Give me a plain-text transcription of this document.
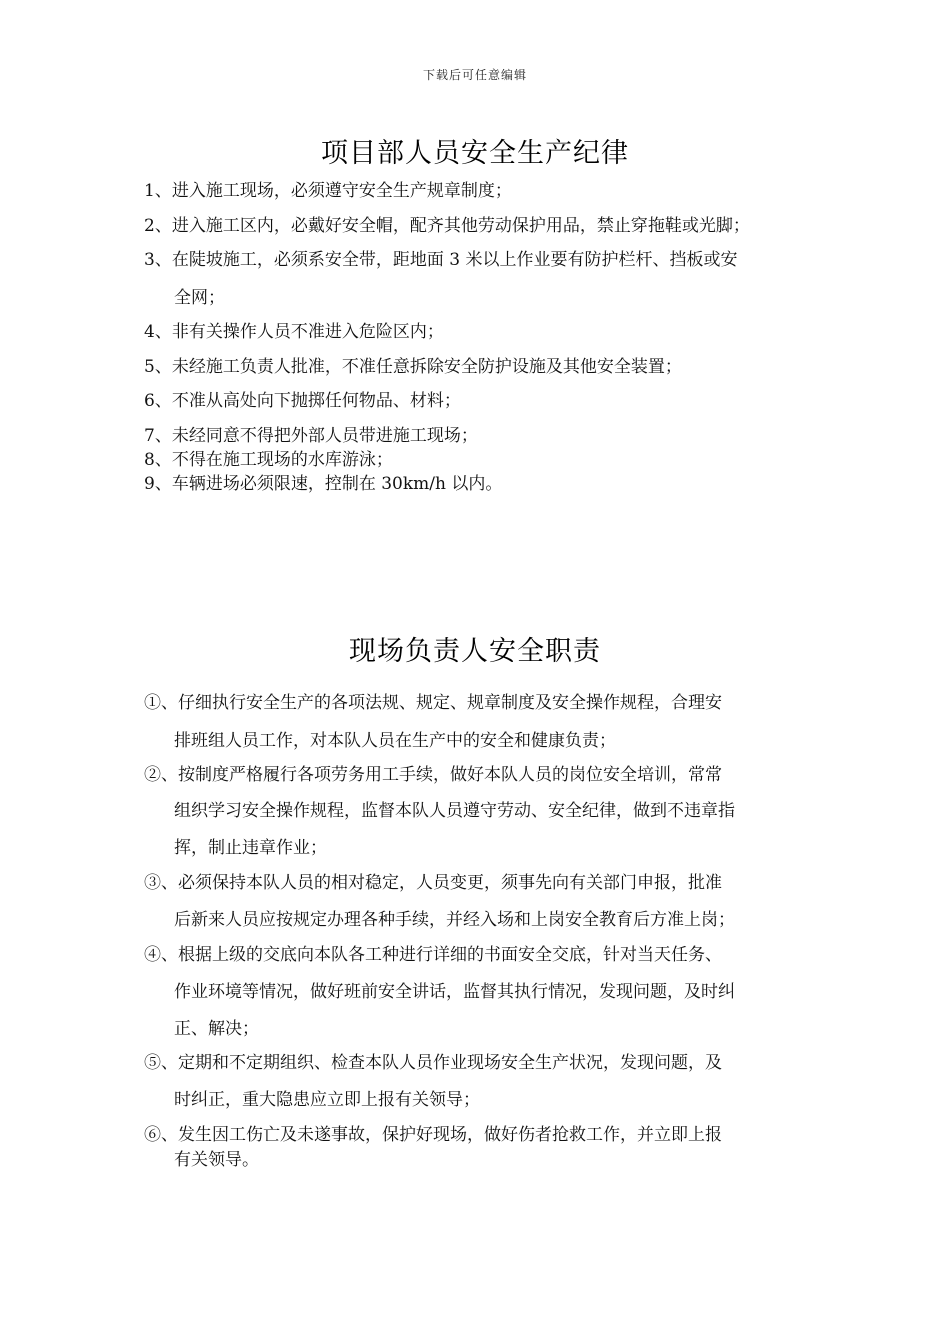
下载后可任意编辑
项目部人员安全生产纪律
1、进入施工现场，必须遵守安全生产规章制度；
2、进入施工区内，必戴好安全帽，配齐其他劳动保护用品，禁止穿拖鞋或光脚；
3、在陡坡施工，必须系安全带，距地面 3 米以上作业要有防护栏杆、挡板或安
全网；
4、非有关操作人员不准进入危险区内；
5、未经施工负责人批准，不准任意拆除安全防护设施及其他安全装置；
6、不准从高处向下抛掷任何物品、材料；
7、未经同意不得把外部人员带进施工现场；
8、不得在施工现场的水库游泳；
9、车辆进场必须限速，控制在 30km/h 以内。
现场负责人安全职责
①、仔细执行安全生产的各项法规、规定、规章制度及安全操作规程，合理安
排班组人员工作，对本队人员在生产中的安全和健康负责；
②、按制度严格履行各项劳务用工手续，做好本队人员的岗位安全培训，常常
组织学习安全操作规程，监督本队人员遵守劳动、安全纪律，做到不违章指
挥，制止违章作业；
③、必须保持本队人员的相对稳定，人员变更，须事先向有关部门申报，批准
后新来人员应按规定办理各种手续，并经入场和上岗安全教育后方准上岗；
④、根据上级的交底向本队各工种进行详细的书面安全交底，针对当天任务、
作业环境等情况，做好班前安全讲话，监督其执行情况，发现问题，及时纠
正、解决；
⑤、定期和不定期组织、检查本队人员作业现场安全生产状况，发现问题，及
时纠正，重大隐患应立即上报有关领导；
⑥、发生因工伤亡及未遂事故，保护好现场，做好伤者抢救工作，并立即上报
有关领导。
